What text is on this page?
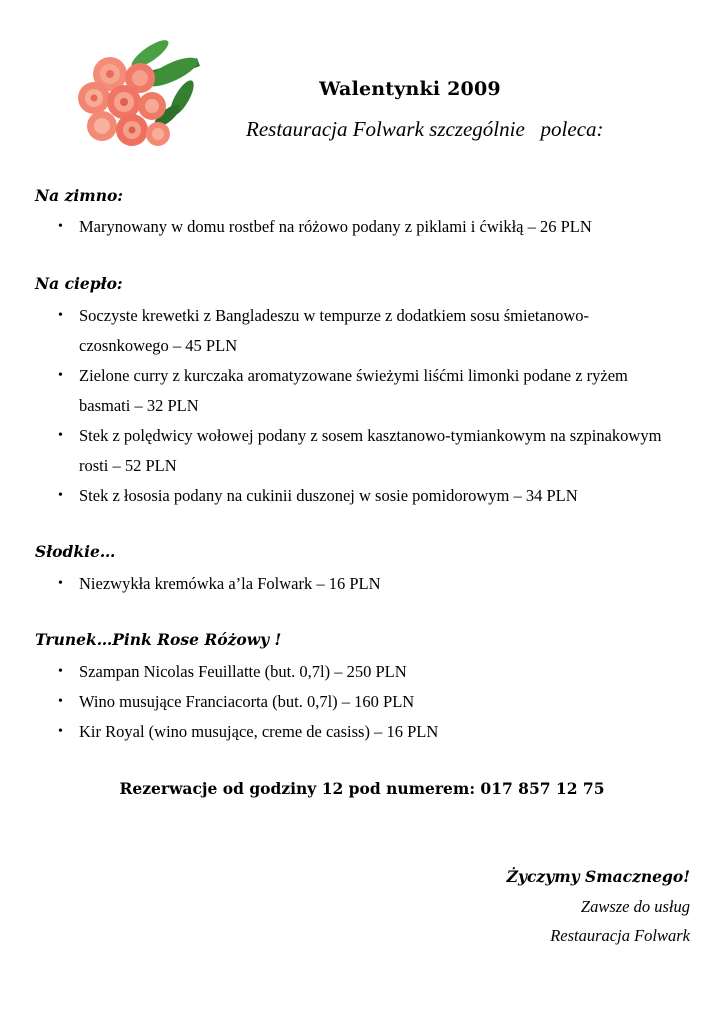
Walentynki 2009
Restauracja Folwark szczególnie   poleca:
Na zimno:
• Marynowany w domu rostbef na różowo podany z piklami i ćwikłą – 26 PLN
Na ciepło:
• Soczyste krewetki z Bangladeszu w tempurze z dodatkiem sosu śmietanowo-czosnkowego – 45 PLN
• Zielone curry z kurczaka aromatyzowane świeżymi liśćmi limonki podane z ryżem basmati – 32 PLN
• Stek z polędwicy wołowej podany z sosem kasztanowo-tymiankowym na szpinakowym rosti – 52 PLN
• Stek z łososia podany na cukinii duszonej w sosie pomidorowym – 34 PLN
Słodkie…
• Niezwykła kremówka a’la Folwark – 16 PLN
Trunek…Pink Rose Różowy !
• Szampan Nicolas Feuillatte (but. 0,7l) – 250 PLN
• Wino musujące Franciacorta (but. 0,7l) – 160 PLN
• Kir Royal (wino musujące, creme de casiss) – 16 PLN
Rezerwacje od godziny 12 pod numerem: 017 857 12 75
Życzymy Smacznego!
Zawsze do usług
Restauracja Folwark
